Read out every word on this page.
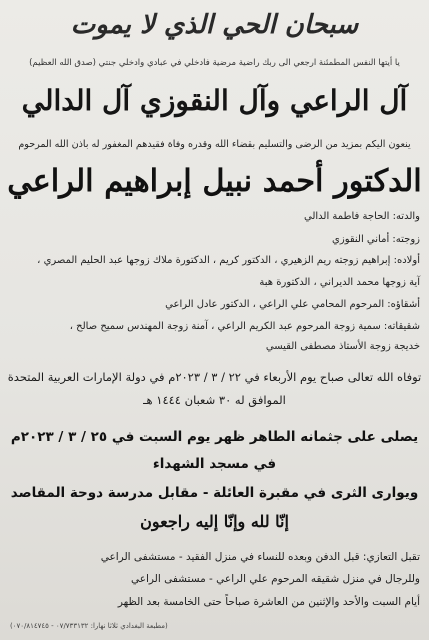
سبحان الحي الذي لا يموت
يا أيتها النفس المطمئنة ارجعي الى ربك راضية مرضية فادخلي في عبادي وادخلي جنتي (صدق الله العظيم)
آل الراعي وآل النقوزي آل الدالي
ينعون اليكم بمزيد من الرضى والتسليم بقضاء الله وقدره وفاة فقيدهم المغفور له باذن الله المرحوم
الدكتور أحمد نبيل إبراهيم الراعي
والدته: الحاجة فاطمة الدالي
زوجته: أماني النقوزي
أولاده: إبراهيم زوجته ريم الزهيري ، الدكتور كريم ، الدكتورة ملاك زوجها عبد الحليم المصري ،
آية زوجها محمد الديراني ، الدكتورة هبة
أشقاؤه: المرحوم المحامي علي الراعي ، الدكتور عادل الراعي
شقيقاته: سمية زوجة المرحوم عبد الكريم الراعي ، آمنة زوجة المهندس سميح صالح ،
خديجة زوجة الأستاذ مصطفى القيسي
توفاه الله تعالى صباح يوم الأربعاء في ٢٢ / ٣ / ٢٠٢٣م في دولة الإمارات العربية المتحدة
الموافق له ٣٠ شعبان ١٤٤٤ هـ
يصلى على جثمانه الطاهر ظهر يوم السبت في ٢٥ / ٣ / ٢٠٢٣م
في مسجد الشهداء
ويوارى الثرى في مقبرة العائلة - مقابل مدرسة دوحة المقاصد
إنّا لله وإنّا إليه راجعون
تقبل التعازي: قبل الدفن وبعده للنساء في منزل الفقيد - مستشفى الراعي
وللرجال في منزل شقيقه المرحوم علي الراعي - مستشفى الراعي
أيام السبت والأحد والإثنين من العاشرة صباحاً حتى الخامسة بعد الظهر
(مطبعة البغدادي ثلاثا نهارا: ٠٧/٧٣٣١٣٢ - ٠٧٠/٨١٤٧٤٥)
